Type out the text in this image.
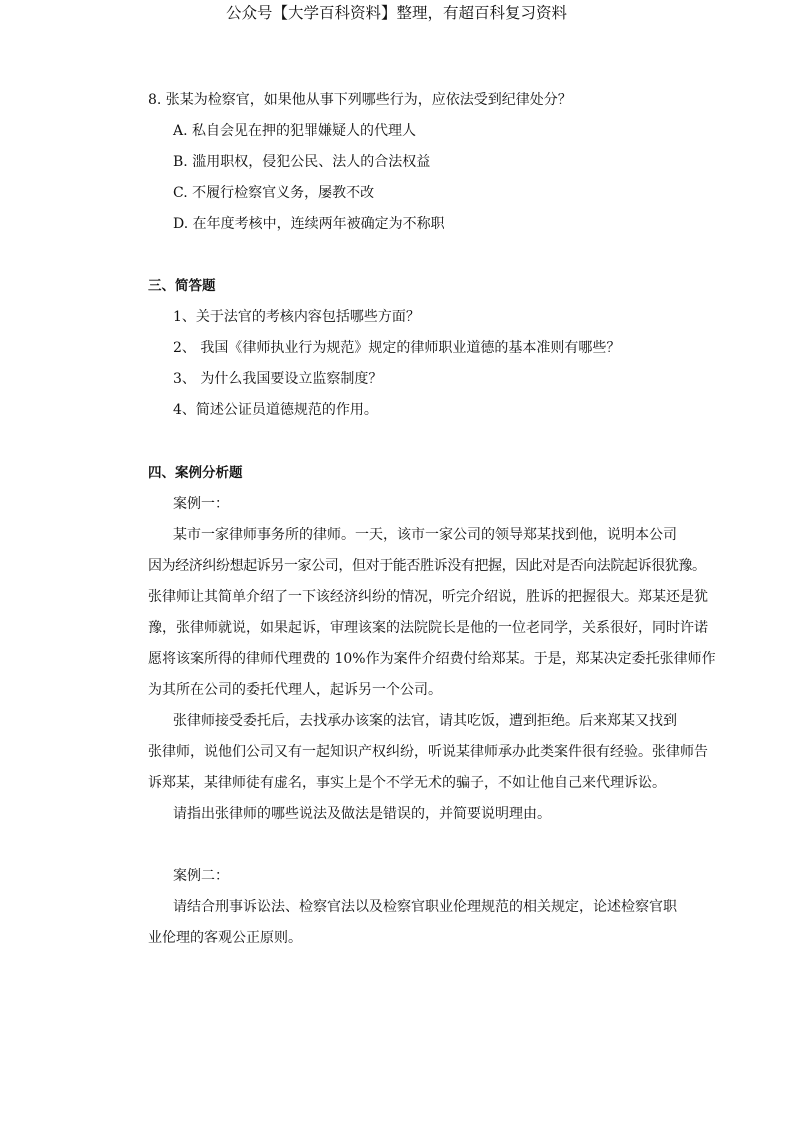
公众号【大学百科资料】整理，有超百科复习资料
8. 张某为检察官，如果他从事下列哪些行为，应依法受到纪律处分？
A. 私自会见在押的犯罪嫌疑人的代理人
B. 滥用职权，侵犯公民、法人的合法权益
C. 不履行检察官义务，屡教不改
D. 在年度考核中，连续两年被确定为不称职
三、简答题
1、关于法官的考核内容包括哪些方面？
2、 我国《律师执业行为规范》规定的律师职业道德的基本准则有哪些？
3、 为什么我国要设立监察制度？
4、简述公证员道德规范的作用。
四、案例分析题
案例一：
某市一家律师事务所的律师。一天，该市一家公司的领导郑某找到他，说明本公司
因为经济纠纷想起诉另一家公司，但对于能否胜诉没有把握，因此对是否向法院起诉很犹豫。
张律师让其简单介绍了一下该经济纠纷的情况，听完介绍说，胜诉的把握很大。郑某还是犹
豫，张律师就说，如果起诉，审理该案的法院院长是他的一位老同学，关系很好，同时许诺
愿将该案所得的律师代理费的 10%作为案件介绍费付给郑某。于是，郑某决定委托张律师作
为其所在公司的委托代理人，起诉另一个公司。
张律师接受委托后，去找承办该案的法官，请其吃饭，遭到拒绝。后来郑某又找到
张律师，说他们公司又有一起知识产权纠纷，听说某律师承办此类案件很有经验。张律师告
诉郑某，某律师徒有虚名，事实上是个不学无术的骗子，不如让他自己来代理诉讼。
请指出张律师的哪些说法及做法是错误的，并简要说明理由。
案例二：
请结合刑事诉讼法、检察官法以及检察官职业伦理规范的相关规定，论述检察官职
业伦理的客观公正原则。
